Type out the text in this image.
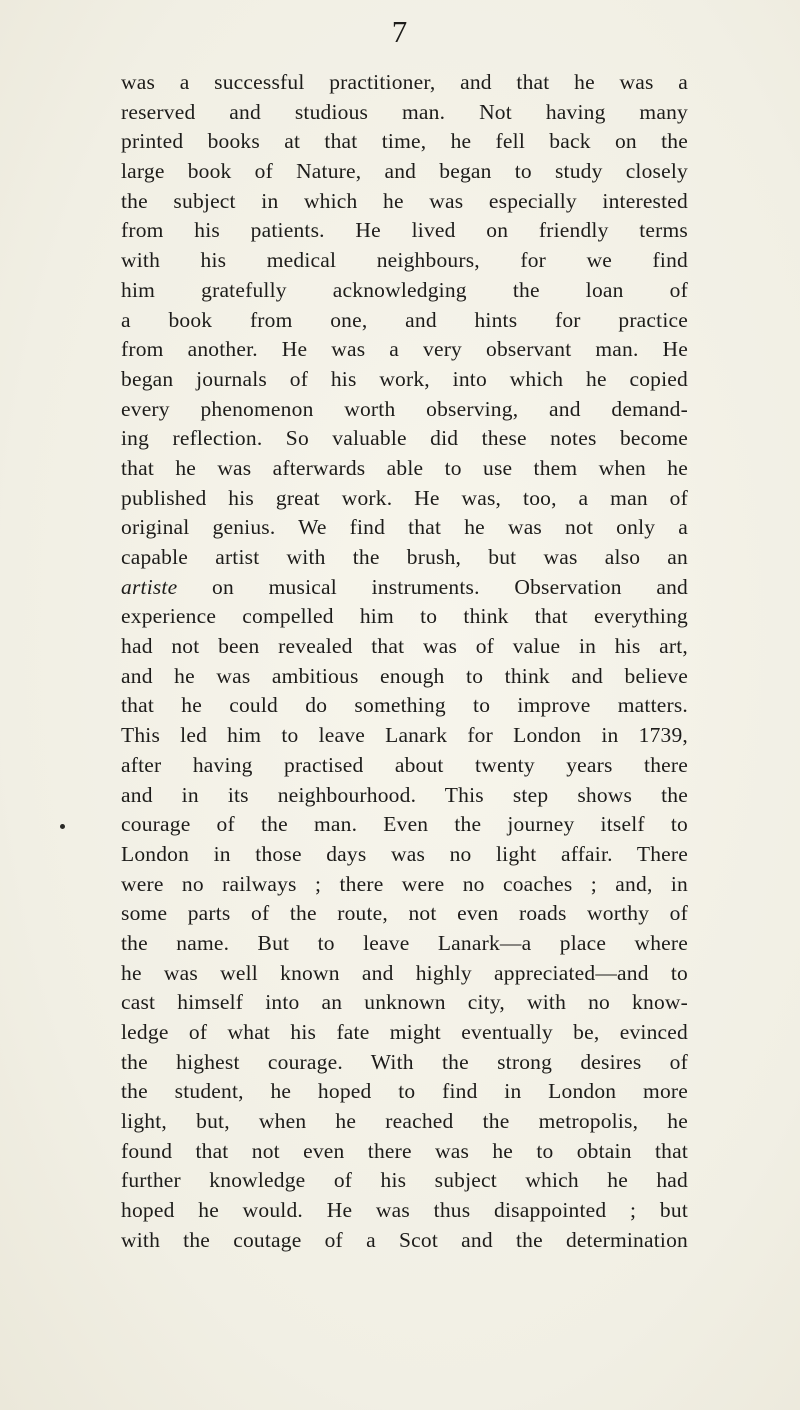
7
was a successful practitioner, and that he was a
reserved and studious man. Not having many
printed books at that time, he fell back on the
large book of Nature, and began to study closely
the subject in which he was especially interested
from his patients. He lived on friendly terms
with his medical neighbours, for we find
him gratefully acknowledging the loan of
a book from one, and hints for practice
from another. He was a very observant man. He
began journals of his work, into which he copied
every phenomenon worth observing, and demand-
ing reflection. So valuable did these notes become
that he was afterwards able to use them when he
published his great work. He was, too, a man of
original genius. We find that he was not only a
capable artist with the brush, but was also an
artiste on musical instruments. Observation and
experience compelled him to think that everything
had not been revealed that was of value in his art,
and he was ambitious enough to think and believe
that he could do something to improve matters.
This led him to leave Lanark for London in 1739,
after having practised about twenty years there
and in its neighbourhood. This step shows the
courage of the man. Even the journey itself to
London in those days was no light affair. There
were no railways ; there were no coaches ; and, in
some parts of the route, not even roads worthy of
the name. But to leave Lanark—a place where
he was well known and highly appreciated—and to
cast himself into an unknown city, with no know-
ledge of what his fate might eventually be, evinced
the highest courage. With the strong desires of
the student, he hoped to find in London more
light, but, when he reached the metropolis, he
found that not even there was he to obtain that
further knowledge of his subject which he had
hoped he would. He was thus disappointed ; but
with the coutage of a Scot and the determination
